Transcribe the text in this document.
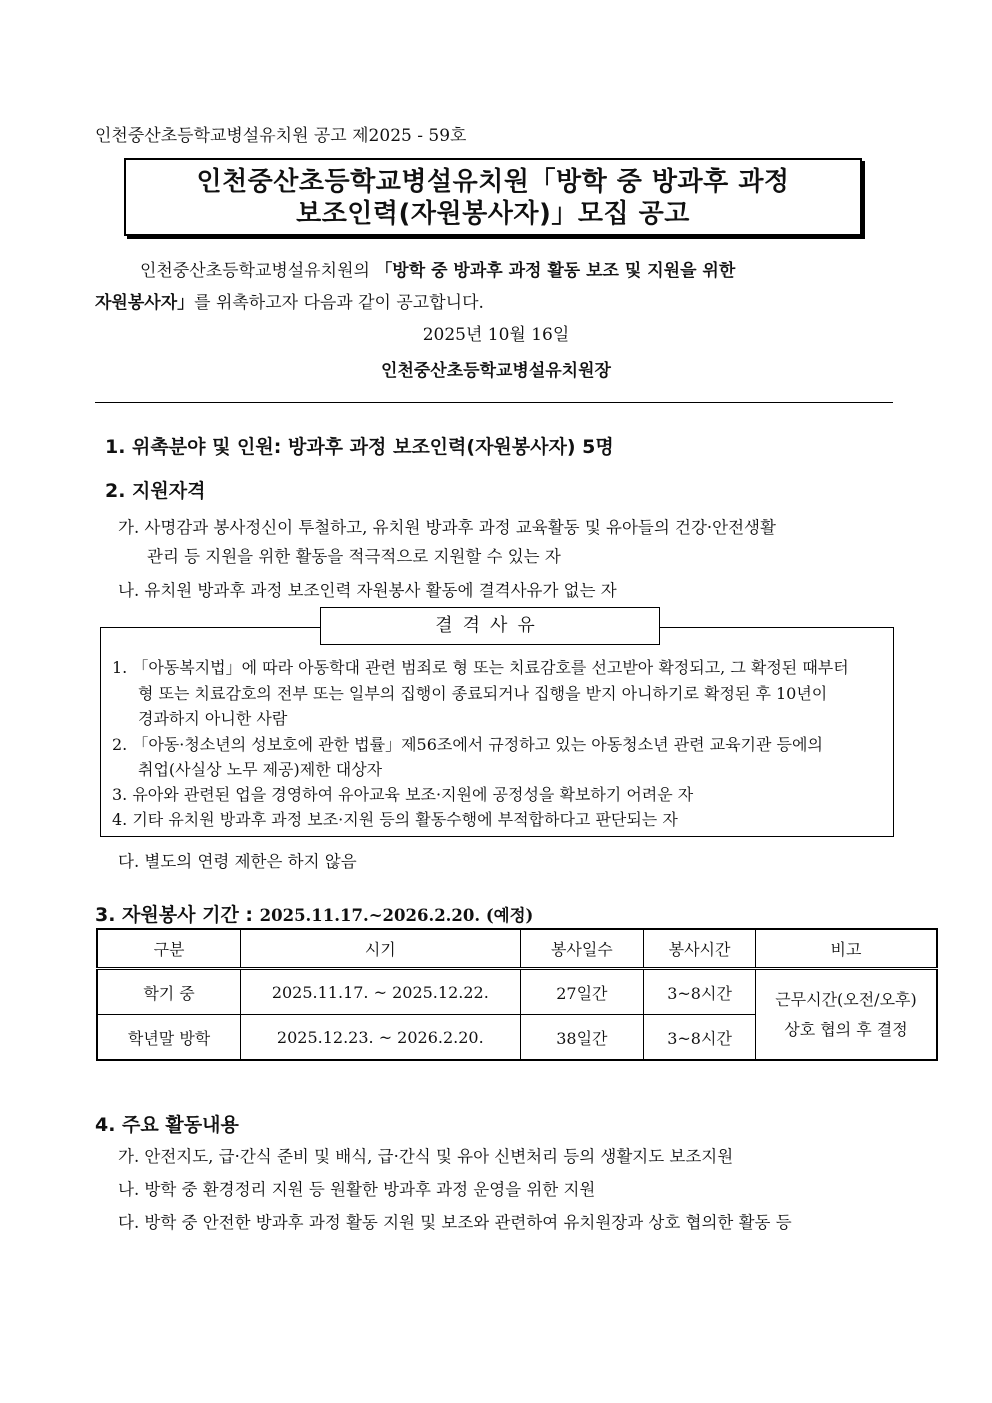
인천중산초등학교병설유치원 공고 제2025 - 59호
인천중산초등학교병설유치원「방학 중 방과후 과정
보조인력(자원봉사자)」모집 공고
인천중산초등학교병설유치원의 「방학 중 방과후 과정 활동 보조 및 지원을 위한
자원봉사자」를 위촉하고자 다음과 같이 공고합니다.
2025년 10월 16일
인천중산초등학교병설유치원장
1. 위촉분야 및 인원: 방과후 과정 보조인력(자원봉사자) 5명
2. 지원자격
가. 사명감과 봉사정신이 투철하고, 유치원 방과후 과정 교육활동 및 유아들의 건강·안전생활
관리 등 지원을 위한 활동을 적극적으로 지원할 수 있는 자
나. 유치원 방과후 과정 보조인력 자원봉사 활동에 결격사유가 없는 자
결격사유
1. 「아동복지법」에 따라 아동학대 관련 범죄로 형 또는 치료감호를 선고받아 확정되고, 그 확정된 때부터
형 또는 치료감호의 전부 또는 일부의 집행이 종료되거나 집행을 받지 아니하기로 확정된 후 10년이
경과하지 아니한 사람
2. 「아동·청소년의 성보호에 관한 법률」제56조에서 규정하고 있는 아동청소년 관련 교육기관 등에의
취업(사실상 노무 제공)제한 대상자
3. 유아와 관련된 업을 경영하여 유아교육 보조·지원에 공정성을 확보하기 어려운 자
4. 기타 유치원 방과후 과정 보조·지원 등의 활동수행에 부적합하다고 판단되는 자
다. 별도의 연령 제한은 하지 않음
3. 자원봉사 기간 : 2025.11.17.~2026.2.20. (예정)
구분	시기	봉사일수	봉사시간	비고
학기 중	2025.11.17. ~ 2025.12.22.	27일간	3~8시간	근무시간(오전/오후)
상호 협의 후 결정

학년말 방학	2025.12.23. ~ 2026.2.20.	38일간	3~8시간	
4. 주요 활동내용
가. 안전지도, 급·간식 준비 및 배식, 급·간식 및 유아 신변처리 등의 생활지도 보조지원
나. 방학 중 환경정리 지원 등 원활한 방과후 과정 운영을 위한 지원
다. 방학 중 안전한 방과후 과정 활동 지원 및 보조와 관련하여 유치원장과 상호 협의한 활동 등
